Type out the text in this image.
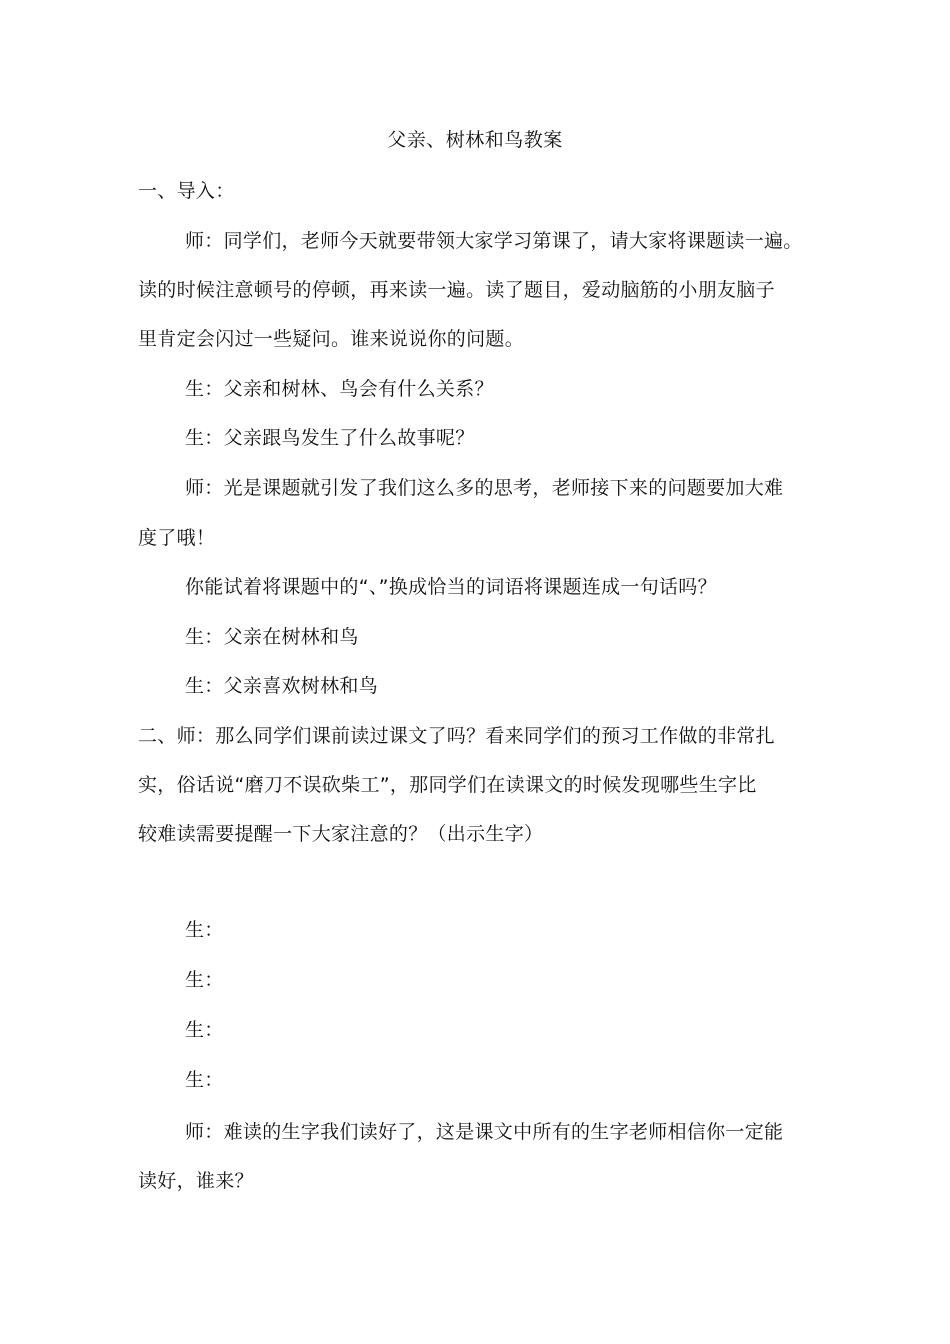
父亲、树林和鸟教案
一、导入：
师：同学们，老师今天就要带领大家学习第课了，请大家将课题读一遍。
读的时候注意顿号的停顿，再来读一遍。读了题目，爱动脑筋的小朋友脑子
里肯定会闪过一些疑问。谁来说说你的问题。
生：父亲和树林、鸟会有什么关系？
生：父亲跟鸟发生了什么故事呢？
师：光是课题就引发了我们这么多的思考，老师接下来的问题要加大难
度了哦！
你能试着将课题中的“、”换成恰当的词语将课题连成一句话吗？
生：父亲在树林和鸟
生：父亲喜欢树林和鸟
二、师：那么同学们课前读过课文了吗？看来同学们的预习工作做的非常扎
实，俗话说“磨刀不误砍柴工”，那同学们在读课文的时候发现哪些生字比
较难读需要提醒一下大家注意的？（出示生字）
生：
生：
生：
生：
师：难读的生字我们读好了，这是课文中所有的生字老师相信你一定能
读好，谁来？
